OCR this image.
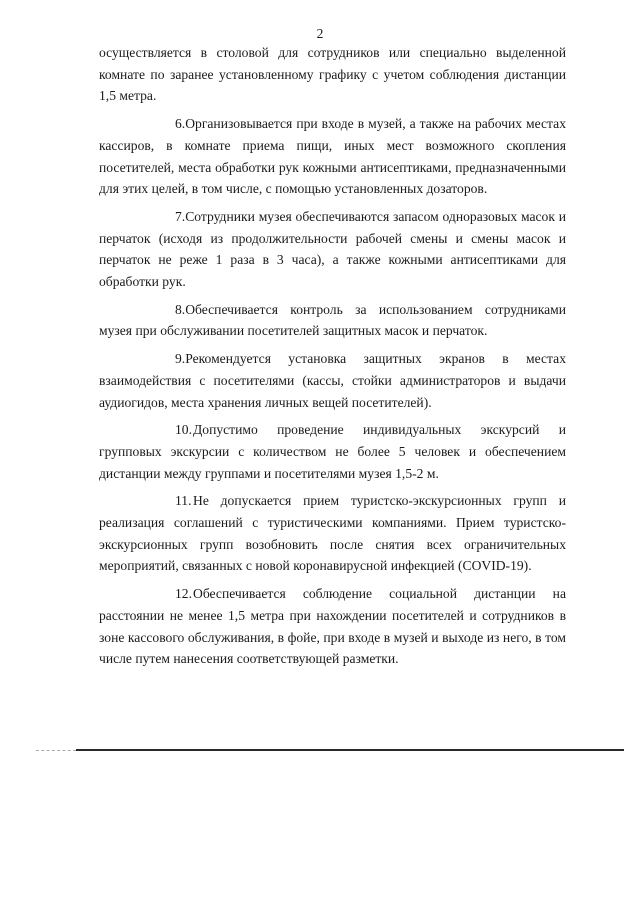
2

осуществляется в столовой для сотрудников или специально выделенной комнате по заранее установленному графику с учетом соблюдения дистанции 1,5 метра.

6.Организовывается при входе в музей, а также на рабочих местах кассиров, в комнате приема пищи, иных мест возможного скопления посетителей, места обработки рук кожными антисептиками, предназначенными для этих целей, в том числе, с помощью установленных дозаторов.

7.Сотрудники музея обеспечиваются запасом одноразовых масок и перчаток (исходя из продолжительности рабочей смены и смены масок и перчаток не реже 1 раза в 3 часа), а также кожными антисептиками для обработки рук.

8.Обеспечивается контроль за использованием сотрудниками музея при обслуживании посетителей защитных масок и перчаток.

9.Рекомендуется установка защитных экранов в местах взаимодействия с посетителями (кассы, стойки администраторов и выдачи аудиогидов, места хранения личных вещей посетителей).

10.Допустимо проведение индивидуальных экскурсий и групповых экскурсии с количеством не более 5 человек и обеспечением дистанции между группами и посетителями музея 1,5-2 м.

11. Не допускается прием туристско-экскурсионных групп и реализация соглашений с туристическими компаниями. Прием туристско-экскурсионных групп возобновить после снятия всех ограничительных мероприятий, связанных с новой коронавирусной инфекцией (COVID-19).

12.Обеспечивается соблюдение социальной дистанции на расстоянии не менее 1,5 метра при нахождении посетителей и сотрудников в зоне кассового обслуживания, в фойе, при входе в музей и выходе из него, в том числе путем нанесения соответствующей разметки.
